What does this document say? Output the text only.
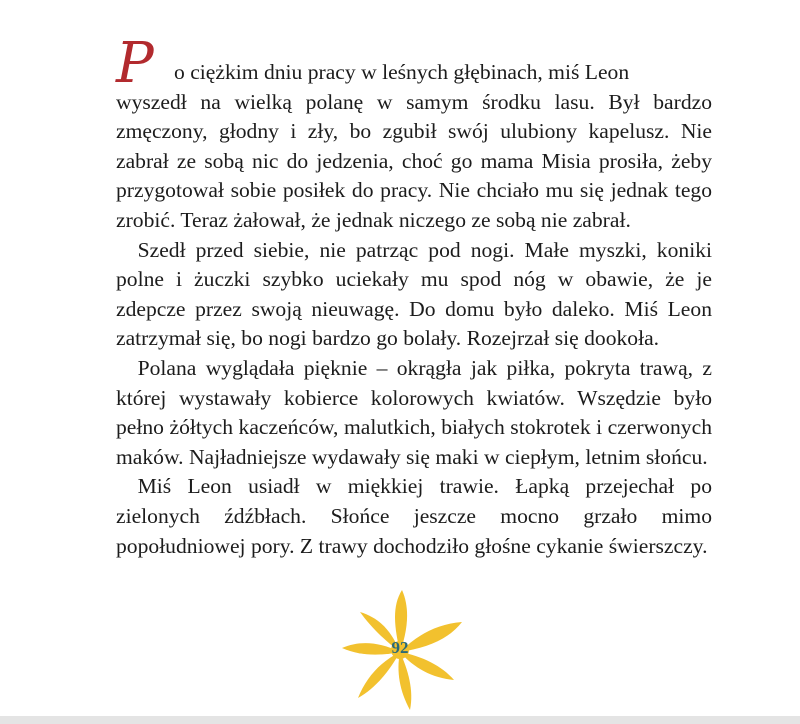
P o ciężkim dniu pracy w leśnych głębinach, miś Leon

wyszedł na wielką polanę w samym środku lasu. Był bardzo zmęczony, głodny i zły, bo zgubił swój ulubiony kapelusz. Nie zabrał ze sobą nic do jedzenia, choć go mama Misia prosiła, żeby przygotował sobie posiłek do pracy. Nie chciało mu się jednak tego zrobić. Teraz żałował, że jednak niczego ze sobą nie zabrał.

Szedł przed siebie, nie patrząc pod nogi. Małe myszki, koniki polne i żuczki szybko uciekały mu spod nóg w obawie, że je zdepcze przez swoją nieuwagę. Do domu było daleko. Miś Leon zatrzymał się, bo nogi bardzo go bolały. Rozejrzał się dookoła.

Polana wyglądała pięknie – okrągła jak piłka, pokryta trawą, z której wystawały kobierce kolorowych kwiatów. Wszędzie było pełno żółtych kaczeńców, malutkich, białych stokrotek i czerwonych maków. Najładniejsze wydawały się maki w ciepłym, letnim słońcu.

Miś Leon usiadł w miękkiej trawie. Łapką przejechał po zielonych źdźbłach. Słońce jeszcze mocno grzało mimo popołudniowej pory. Z trawy dochodziło głośne cykanie świerszczy.

92
